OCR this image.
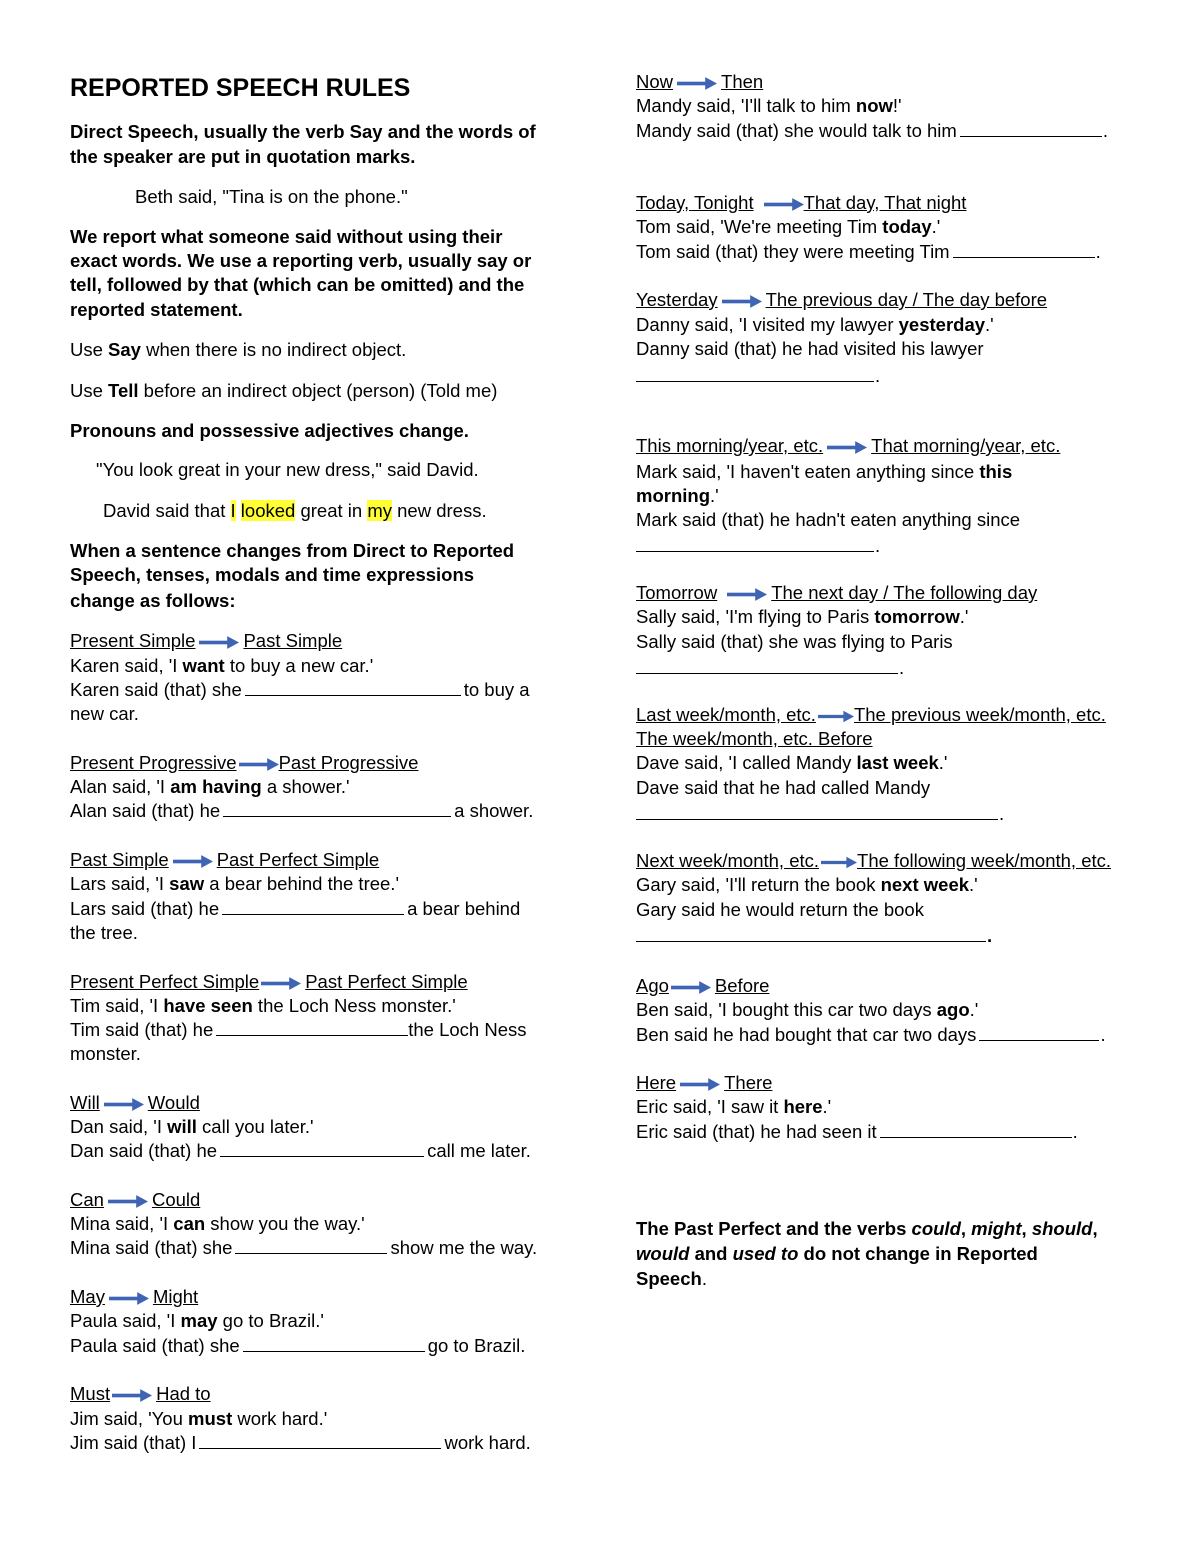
REPORTED SPEECH RULES
Direct Speech, usually the verb Say and the words of
the speaker are put in quotation marks.
Beth said, "Tina is on the phone."
We report what someone said without using their
exact words. We use a reporting verb, usually say or
tell, followed by that (which can be omitted) and the
reported statement.
Use Say when there is no indirect object.
Use Tell before an indirect object (person) (Told me)
Pronouns and possessive adjectives change.
"You look great in your new dress," said David.
David said that I looked great in my new dress.
When a sentence changes from Direct to Reported
Speech, tenses, modals and time expressions
change as follows:
Present Simple	Past Simple
Karen said, 'I want to buy a new car.'
Karen said (that) she	to buy a
new car.
Present Progressive Past Progressive
Alan said, 'I am having a shower.'
Alan said (that) he	a shower.
Past Simple	Past Perfect Simple
Lars said, 'I saw a bear behind the tree.'
Lars said (that) he	a bear behind
the tree.
Present Perfect Simple Past Perfect Simple
Tim said, 'I have seen the Loch Ness monster.'
Tim said (that) he	the Loch Ness
monster.
Will	Would
Dan said, 'I will call you later.'
Dan said (that) he	call me later.
Can	Could
Mina said, 'I can show you the way.'
Mina said (that) she	show me the way.
May	Might
Paula said, 'I may go to Brazil.'
Paula said (that) she	go to Brazil.
Must Had to
Jim said, 'You must work hard.'
Jim said (that) I	work hard.
Now	Then
Mandy said, 'I'll talk to him now!'
Mandy said (that) she would talk to him	.
Today, Tonight	That day, That night
Tom said, 'We're meeting Tim today.'
Tom said (that) they were meeting Tim	.
Yesterday	The previous day / The day before
Danny said, 'I visited my lawyer yesterday.'
Danny said (that) he had visited his lawyer
.
This morning/year, etc.	That morning/year, etc.
Mark said, 'I haven't eaten anything since this
morning.'
Mark said (that) he hadn't eaten anything since
.
Tomorrow	The next day / The following day
Sally said, 'I'm flying to Paris tomorrow.'
Sally said (that) she was flying to Paris
.
Last week/month, etc. The previous week/month, etc.
The week/month, etc. Before
Dave said, 'I called Mandy last week.'
Dave said that he had called Mandy
.
Next week/month, etc. The following week/month, etc.
Gary said, 'I'll return the book next week.'
Gary said he would return the book
.
Ago Before
Ben said, 'I bought this car two days ago.'
Ben said he had bought that car two days	.
Here	There
Eric said, 'I saw it here.'
Eric said (that) he had seen it	.
The Past Perfect and the verbs could, might, should,
would and used to do not change in Reported
Speech.
